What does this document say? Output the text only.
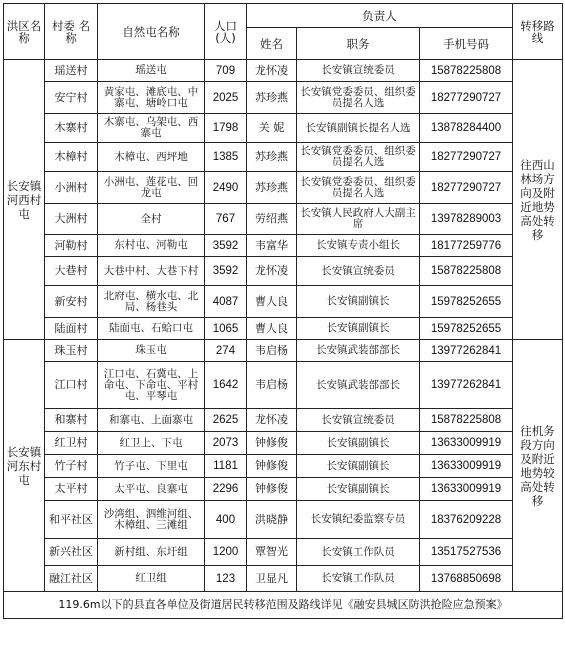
洪区名称	村委 名称	自然屯名称	人口(人)	负责人			转移路线
				姓名	职务	手机号码	
长安镇河西村屯	瑶送村	瑶送屯	709	龙怀凌	长安镇宣统委员	15878225808	往西山林场方向及附近地势高处转移
	安宁村	黄家屯、滩底屯、中寨屯、塘岭口屯	2025	苏珍燕	长安镇党委委员、组织委员提名人选	18277290727	
	木寨村	木寨屯、乌架屯、西寨屯	1798	关 妮	长安镇副镇长提名人选	13878284400	
	木樟村	木樟屯、西坪地	1385	苏珍燕	长安镇党委委员、组织委员提名人选	18277290727	
	小洲村	小洲屯、莲花屯、回龙屯	2490	苏珍燕	长安镇党委委员、组织委员提名人选	18277290727	
	大洲村	全村	767	劳绍燕	长安镇人民政府人大副主席	13978289003	
	河勒村	东村屯、河勒屯	3592	韦富华	长安镇专责小组长	18177259776	
	大巷村	大巷中村、大巷下村	3592	龙怀凌	长安镇宣统委员	15878225808	
	新安村	北府屯、横水屯、北局、杨巷头	4087	曹人良	长安镇副镇长	15978252655	
	陆面村	陆面屯、石蛤口屯	1065	曹人良	长安镇副镇长	15978252655	
长安镇河东村屯	珠玉村	珠玉屯	274	韦启杨	长安镇武装部部长	13977262841	往机务段方向及附近地势较高处转移
	江口村	江口屯、石冀屯、上命屯、下命屯、平村屯、平琴屯	1642	韦启杨	长安镇武装部部长	13977262841	
	和寨村	和寨屯、上面寨屯	2625	龙怀凌	长安镇宣统委员	15878225808	
	红卫村	红卫上、下屯	2073	钟修俊	长安镇副镇长	13633009919	
	竹子村	竹子屯、下里屯	1181	钟修俊	长安镇副镇长	13633009919	
	太平村	太平屯、良寨屯	2296	钟修俊	长安镇副镇长	13633009919	
	和平社区	沙湾组、泗维河组、木樟组、三滩组	400	洪晓静	长安镇纪委监察专员	18376209228	
	新兴社区	新村组、东圩组	1200	覃智光	长安镇工作队员	13517527536	
	融江社区	红卫组	123	卫显凡	长安镇工作队员	13768850698	
119.6m以下的县直各单位及街道居民转移范围及路线详见《融安县城区防洪抢险应急预案》							
